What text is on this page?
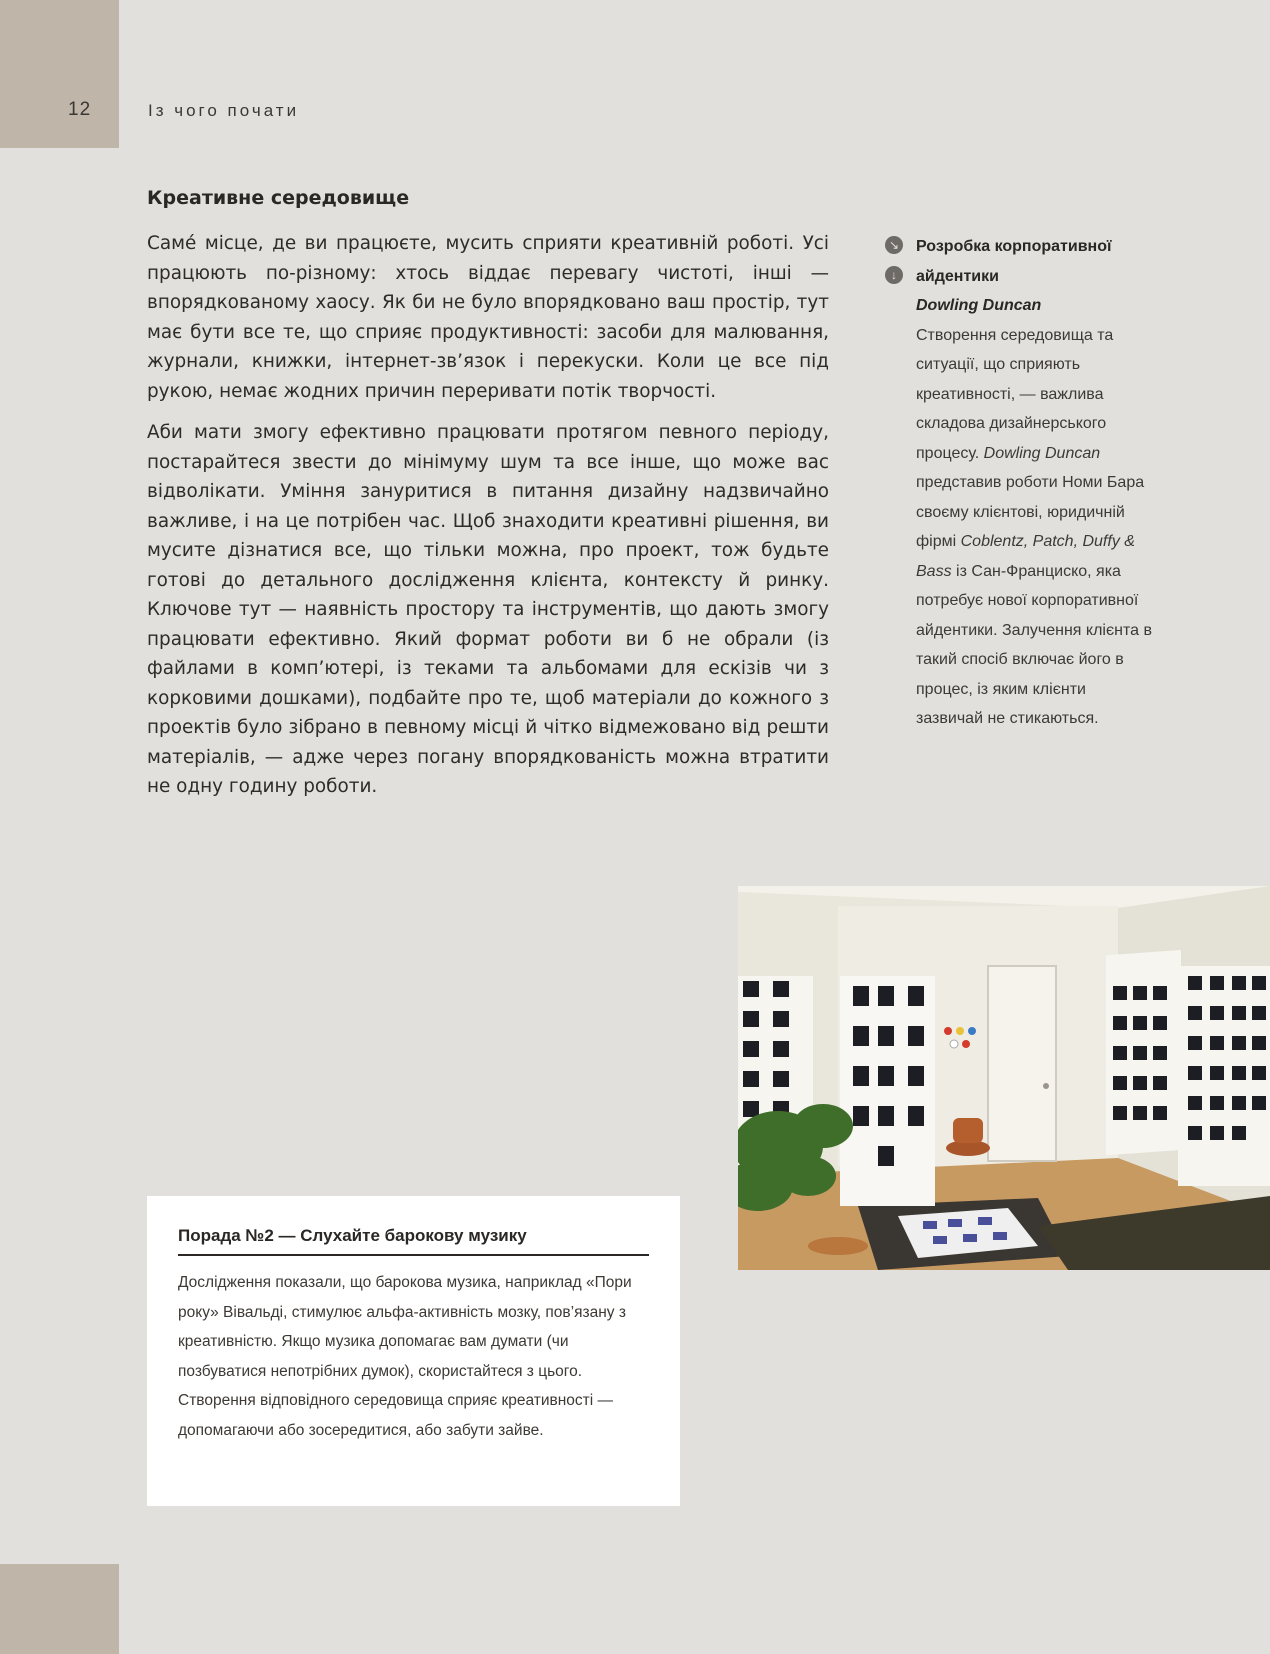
12	Із чого почати
Креативне середовище

Самé місце, де ви працюєте, мусить сприяти креативній роботі. Усі працюють по-різному: хтось віддає перевагу чистоті, інші — впорядкованому хаосу. Як би не було впорядковано ваш простір, тут має бути все те, що сприяє продуктивності: засоби для малювання, журнали, книжки, інтернет-зв’язок і перекуски. Коли це все під рукою, немає жодних причин переривати потік творчості.

Аби мати змогу ефективно працювати протягом певного періоду, постарайтеся звести до мінімуму шум та все інше, що може вас відволікати. Уміння зануритися в питання дизайну надзвичайно важливе, і на це потрібен час. Щоб знаходити креативні рішення, ви мусите дізнатися все, що тільки можна, про проект, тож будьте готові до детального дослідження клієнта, контексту й ринку. Ключове тут — наявність простору та інструментів, що дають змогу працювати ефективно. Який формат роботи ви б не обрали (із файлами в комп’ютері, із теками та альбомами для ескізів чи з корковими дошками), подбайте про те, щоб матеріали до кожного з проектів було зібрано в певному місці й чітко відмежовано від решти матеріалів, — адже через погану впорядкованість можна втратити не одну годину роботи.

↘
↓
Розробка корпоративної айдентики
Dowling Duncan
Створення середовища та ситуації, що сприяють креативності, — важлива складова дизайнерського процесу. Dowling Duncan представив роботи Номи Бара своєму клієнтові, юридичній фірмі Coblentz, Patch, Duffy & Bass із Сан-Франциско, яка потребує нової корпоративної айдентики. Залучення клієнта в такий спосіб включає його в процес, із яким клієнти зазвичай не стикаються.
Порада №2 — Слухайте барокову музику
Дослідження показали, що барокова музика, наприклад «Пори року» Вівальді, стимулює альфа-активність мозку, пов’язану з креативністю. Якщо музика допомагає вам думати (чи позбуватися непотрібних думок), скористайтеся з цього. Створення відповідного середовища сприяє креативності — допомагаючи або зосередитися, або забути зайве.
